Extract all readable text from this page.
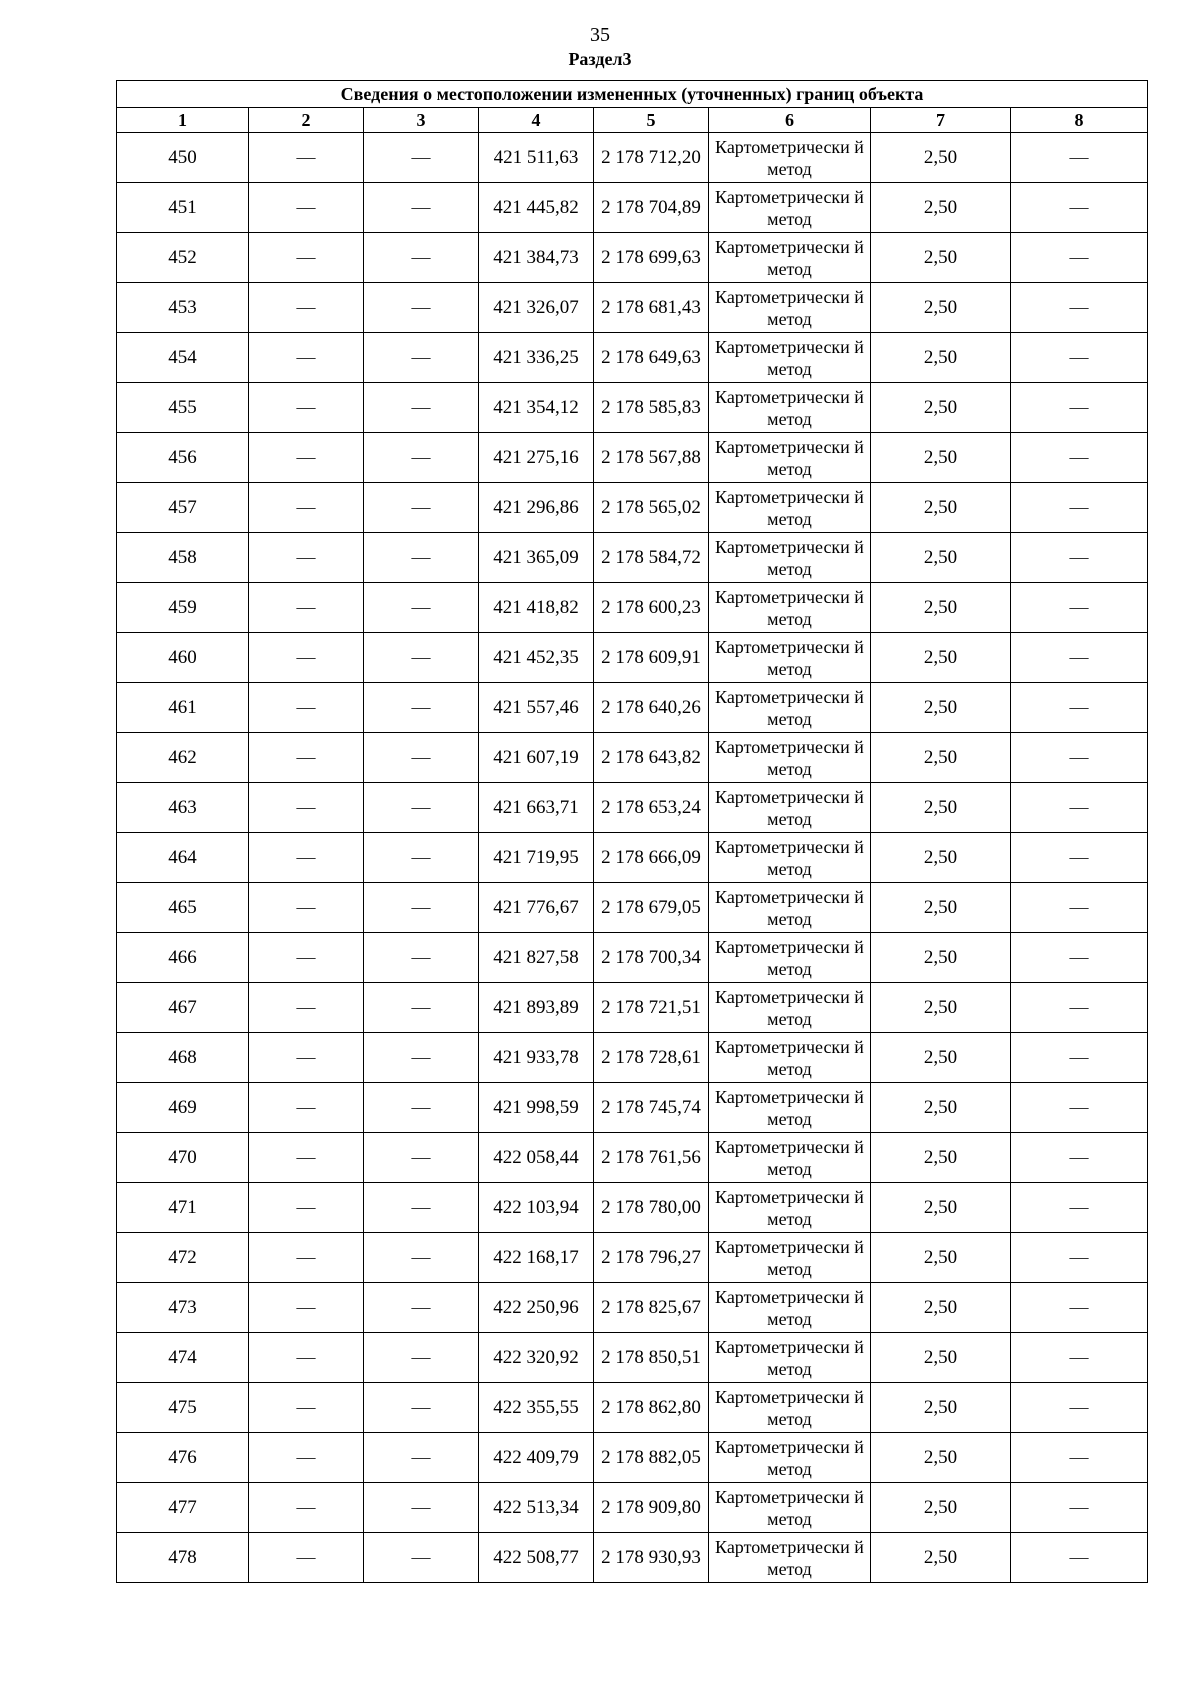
35
Раздел3
Сведения о местоположении измененных (уточненных) границ объекта							
1	2	3	4	5	6	7	8
450	—	—	421 511,63	2 178 712,20	Картометрически й метод	2,50	—
451	—	—	421 445,82	2 178 704,89	Картометрически й метод	2,50	—
452	—	—	421 384,73	2 178 699,63	Картометрически й метод	2,50	—
453	—	—	421 326,07	2 178 681,43	Картометрически й метод	2,50	—
454	—	—	421 336,25	2 178 649,63	Картометрически й метод	2,50	—
455	—	—	421 354,12	2 178 585,83	Картометрически й метод	2,50	—
456	—	—	421 275,16	2 178 567,88	Картометрически й метод	2,50	—
457	—	—	421 296,86	2 178 565,02	Картометрически й метод	2,50	—
458	—	—	421 365,09	2 178 584,72	Картометрически й метод	2,50	—
459	—	—	421 418,82	2 178 600,23	Картометрически й метод	2,50	—
460	—	—	421 452,35	2 178 609,91	Картометрически й метод	2,50	—
461	—	—	421 557,46	2 178 640,26	Картометрически й метод	2,50	—
462	—	—	421 607,19	2 178 643,82	Картометрически й метод	2,50	—
463	—	—	421 663,71	2 178 653,24	Картометрически й метод	2,50	—
464	—	—	421 719,95	2 178 666,09	Картометрически й метод	2,50	—
465	—	—	421 776,67	2 178 679,05	Картометрически й метод	2,50	—
466	—	—	421 827,58	2 178 700,34	Картометрически й метод	2,50	—
467	—	—	421 893,89	2 178 721,51	Картометрически й метод	2,50	—
468	—	—	421 933,78	2 178 728,61	Картометрически й метод	2,50	—
469	—	—	421 998,59	2 178 745,74	Картометрически й метод	2,50	—
470	—	—	422 058,44	2 178 761,56	Картометрически й метод	2,50	—
471	—	—	422 103,94	2 178 780,00	Картометрически й метод	2,50	—
472	—	—	422 168,17	2 178 796,27	Картометрически й метод	2,50	—
473	—	—	422 250,96	2 178 825,67	Картометрически й метод	2,50	—
474	—	—	422 320,92	2 178 850,51	Картометрически й метод	2,50	—
475	—	—	422 355,55	2 178 862,80	Картометрически й метод	2,50	—
476	—	—	422 409,79	2 178 882,05	Картометрически й метод	2,50	—
477	—	—	422 513,34	2 178 909,80	Картометрически й метод	2,50	—
478	—	—	422 508,77	2 178 930,93	Картометрически й метод	2,50	—
